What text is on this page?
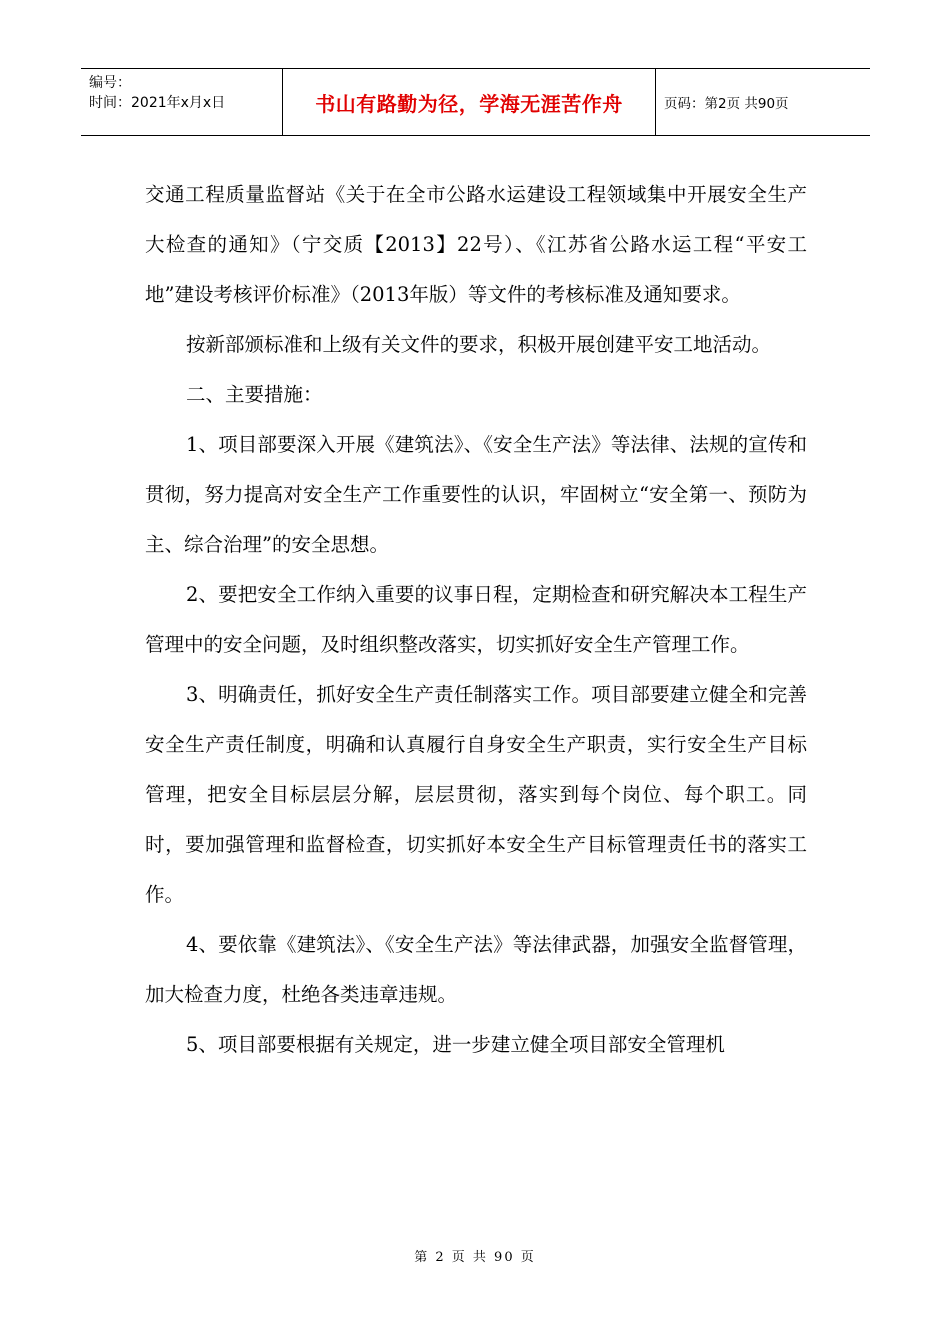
编号：
时间：2021年x月x日	书山有路勤为径，学海无涯苦作舟	页码：第2页 共90页

交通工程质量监督站《关于在全市公路水运建设工程领域集中开展安全生产大检查的通知》（宁交质【2013】22号）、《江苏省公路水运工程“平安工地”建设考核评价标准》（2013年版）等文件的考核标准及通知要求。

按新部颁标准和上级有关文件的要求，积极开展创建平安工地活动。

二、主要措施：

1、项目部要深入开展《建筑法》、《安全生产法》等法律、法规的宣传和贯彻，努力提高对安全生产工作重要性的认识，牢固树立“安全第一、预防为主、综合治理”的安全思想。

2、要把安全工作纳入重要的议事日程，定期检查和研究解决本工程生产管理中的安全问题，及时组织整改落实，切实抓好安全生产管理工作。

3、明确责任，抓好安全生产责任制落实工作。项目部要建立健全和完善安全生产责任制度，明确和认真履行自身安全生产职责，实行安全生产目标管理，把安全目标层层分解，层层贯彻，落实到每个岗位、每个职工。同时，要加强管理和监督检查，切实抓好本安全生产目标管理责任书的落实工作。

4、要依靠《建筑法》、《安全生产法》等法律武器，加强安全监督管理，加大检查力度，杜绝各类违章违规。

5、项目部要根据有关规定，进一步建立健全项目部安全管理机

第 2 页 共 90 页
